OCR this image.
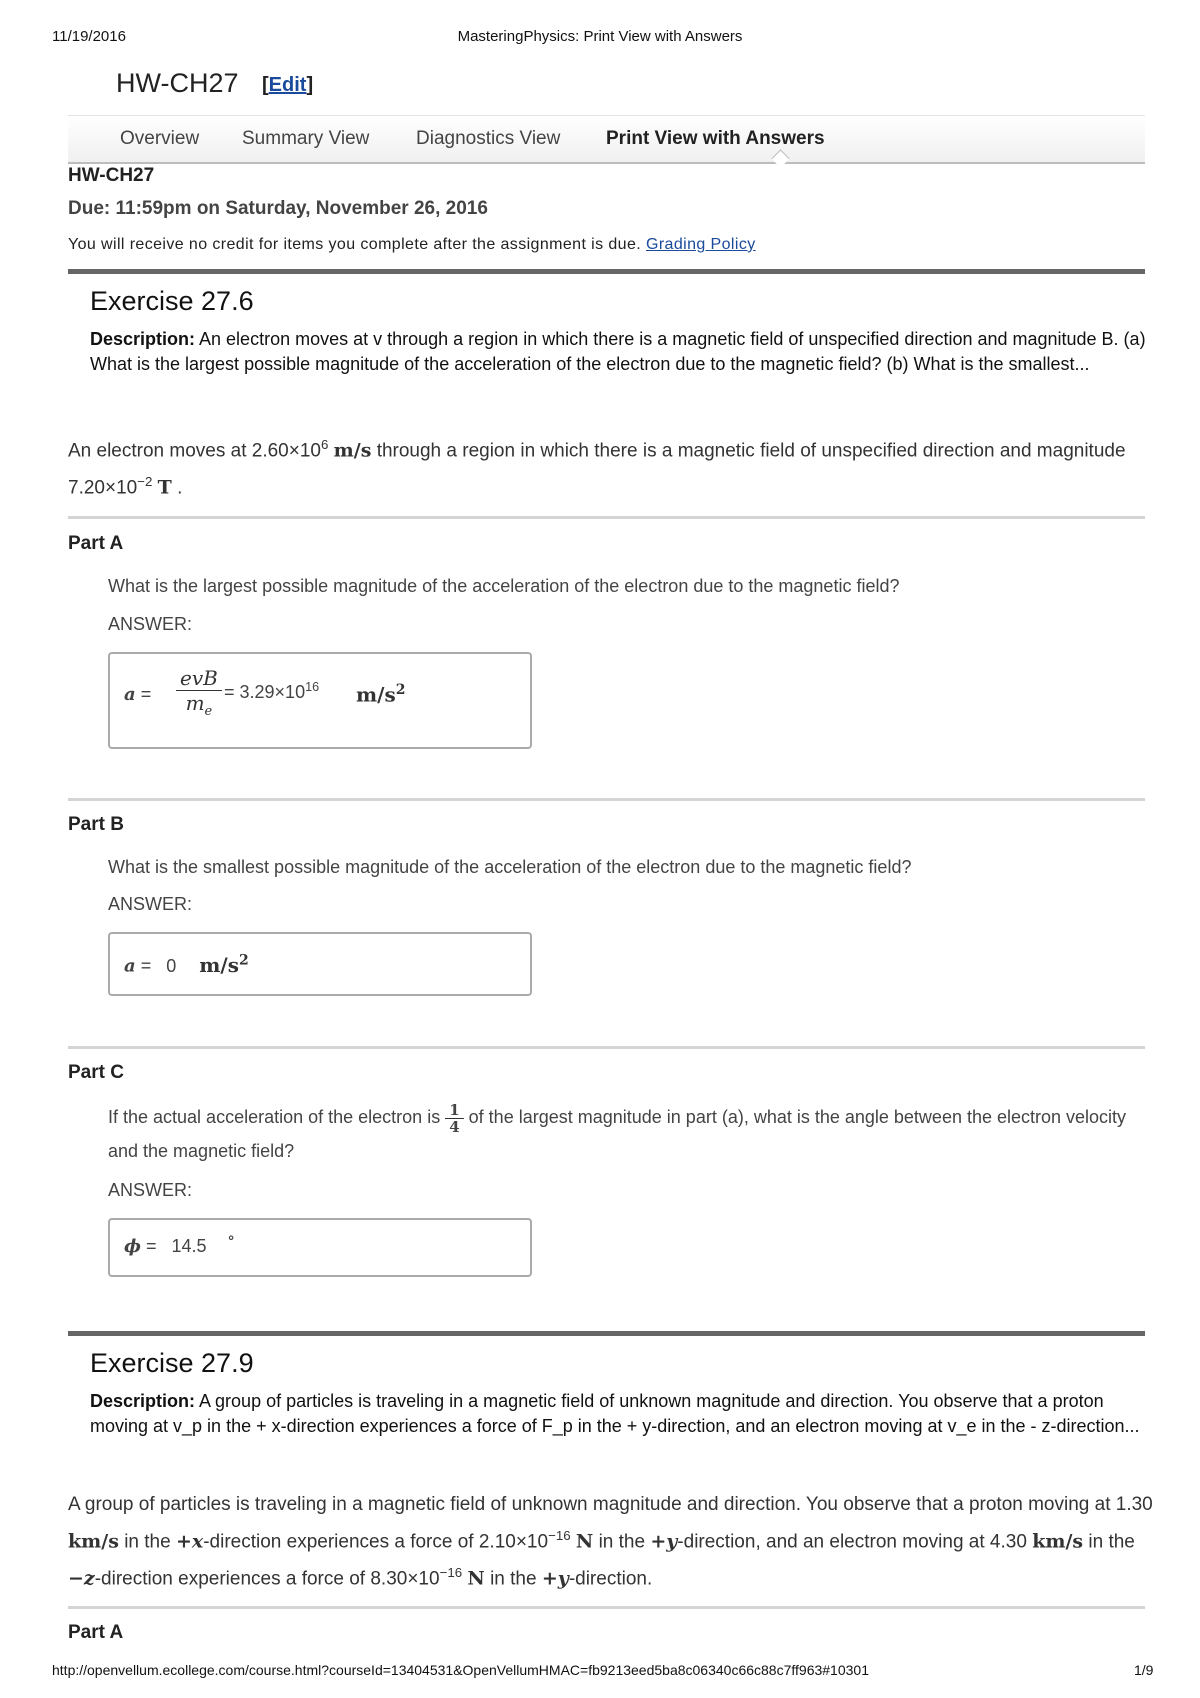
11/19/2016	MasteringPhysics: Print View with Answers
HW-CH27 [Edit]
Overview Summary View Diagnostics View Print View with Answers
HW-CH27
Due: 11:59pm on Saturday, November 26, 2016
You will receive no credit for items you complete after the assignment is due. Grading Policy
Exercise 27.6
Description: An electron moves at v through a region in which there is a magnetic field of unspecified direction and magnitude B. (a) What is the largest possible magnitude of the acceleration of the electron due to the magnetic field? (b) What is the smallest...
An electron moves at $2.60\times 10^6$ m/s through a region in which there is a magnetic field of unspecified direction and magnitude $7.20\times 10^{-2}$ T .
Part A
What is the largest possible magnitude of the acceleration of the electron due to the magnetic field?
ANSWER:
$a = \frac{\text{evB}}{m_e} = 3.29\times 10^{16}$ $m/s^2$
Part B
What is the smallest possible magnitude of the acceleration of the electron due to the magnetic field?
ANSWER:
a = 0 $m/s^2$
Part C
If the actual acceleration of the electron is $\frac{1}{4}$ of the largest magnitude in part (a), what is the angle between the electron velocity and the magnetic field?
ANSWER:
ϕ = 14.5 °
Exercise 27.9
Description: A group of particles is traveling in a magnetic field of unknown magnitude and direction. You observe that a proton moving at v_p in the + x-direction experiences a force of F_p in the + y-direction, and an electron moving at v_e in the - z-direction...
A group of particles is traveling in a magnetic field of unknown magnitude and direction. You observe that a proton moving at 1.30 km/s in the +x-direction experiences a force of $2.10\times 10^{-16}$ N in the +y-direction, and an electron moving at 4.30 km/s in the −z-direction experiences a force of $8.30\times 10^{-16}$ N in the +y-direction.
Part A
http://openvellum.ecollege.com/course.html?courseId=13404531&OpenVellumHMAC=fb9213eed5ba8c06340c66c88c7ff963#10301	1/9
